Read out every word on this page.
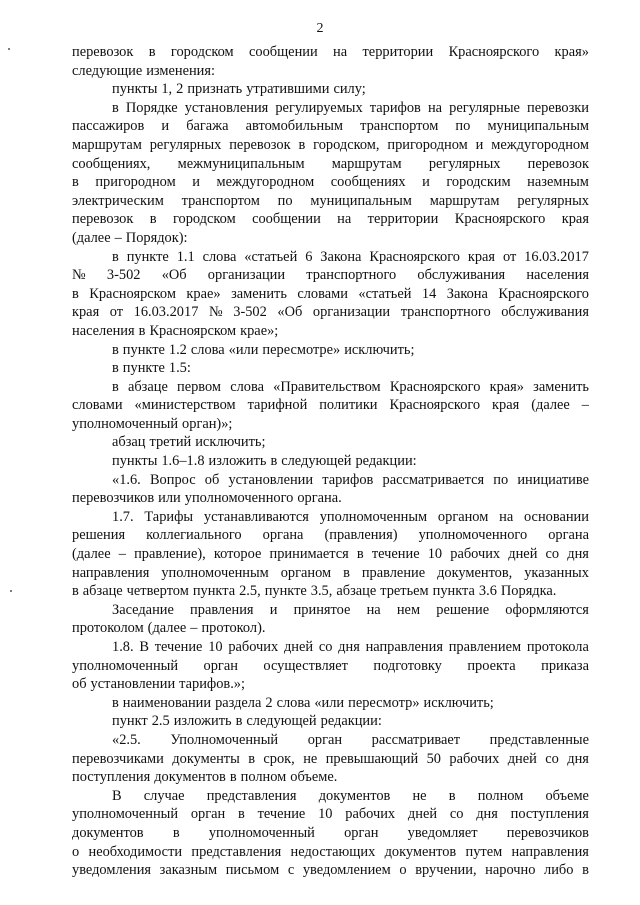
2
перевозок в городском сообщении на территории Красноярского края»
следующие изменения:
пункты 1, 2 признать утратившими силу;
в Порядке установления регулируемых тарифов на регулярные перевозки
пассажиров и багажа автомобильным транспортом по муниципальным
маршрутам регулярных перевозок в городском, пригородном и междугородном
сообщениях, межмуниципальным маршрутам регулярных перевозок
в пригородном и междугородном сообщениях и городским наземным
электрическим транспортом по муниципальным маршрутам регулярных
перевозок в городском сообщении на территории Красноярского края
(далее – Порядок):
в пункте 1.1 слова «статьей 6 Закона Красноярского края от 16.03.2017
№ 3-502 «Об организации транспортного обслуживания населения
в Красноярском крае» заменить словами «статьей 14 Закона Красноярского
края от 16.03.2017 № 3-502 «Об организации транспортного обслуживания
населения в Красноярском крае»;
в пункте 1.2 слова «или пересмотре» исключить;
в пункте 1.5:
в абзаце первом слова «Правительством Красноярского края» заменить
словами «министерством тарифной политики Красноярского края (далее –
уполномоченный орган)»;
абзац третий исключить;
пункты 1.6–1.8 изложить в следующей редакции:
«1.6. Вопрос об установлении тарифов рассматривается по инициативе
перевозчиков или уполномоченного органа.
1.7. Тарифы устанавливаются уполномоченным органом на основании
решения коллегиального органа (правления) уполномоченного органа
(далее – правление), которое принимается в течение 10 рабочих дней со дня
направления уполномоченным органом в правление документов, указанных
в абзаце четвертом пункта 2.5, пункте 3.5, абзаце третьем пункта 3.6 Порядка.
Заседание правления и принятое на нем решение оформляются
протоколом (далее – протокол).
1.8. В течение 10 рабочих дней со дня направления правлением протокола
уполномоченный орган осуществляет подготовку проекта приказа
об установлении тарифов.»;
в наименовании раздела 2 слова «или пересмотр» исключить;
пункт 2.5 изложить в следующей редакции:
«2.5. Уполномоченный орган рассматривает представленные
перевозчиками документы в срок, не превышающий 50 рабочих дней со дня
поступления документов в полном объеме.
В случае представления документов не в полном объеме
уполномоченный орган в течение 10 рабочих дней со дня поступления
документов в уполномоченный орган уведомляет перевозчиков
о необходимости представления недостающих документов путем направления
уведомления заказным письмом с уведомлением о вручении, нарочно либо в
